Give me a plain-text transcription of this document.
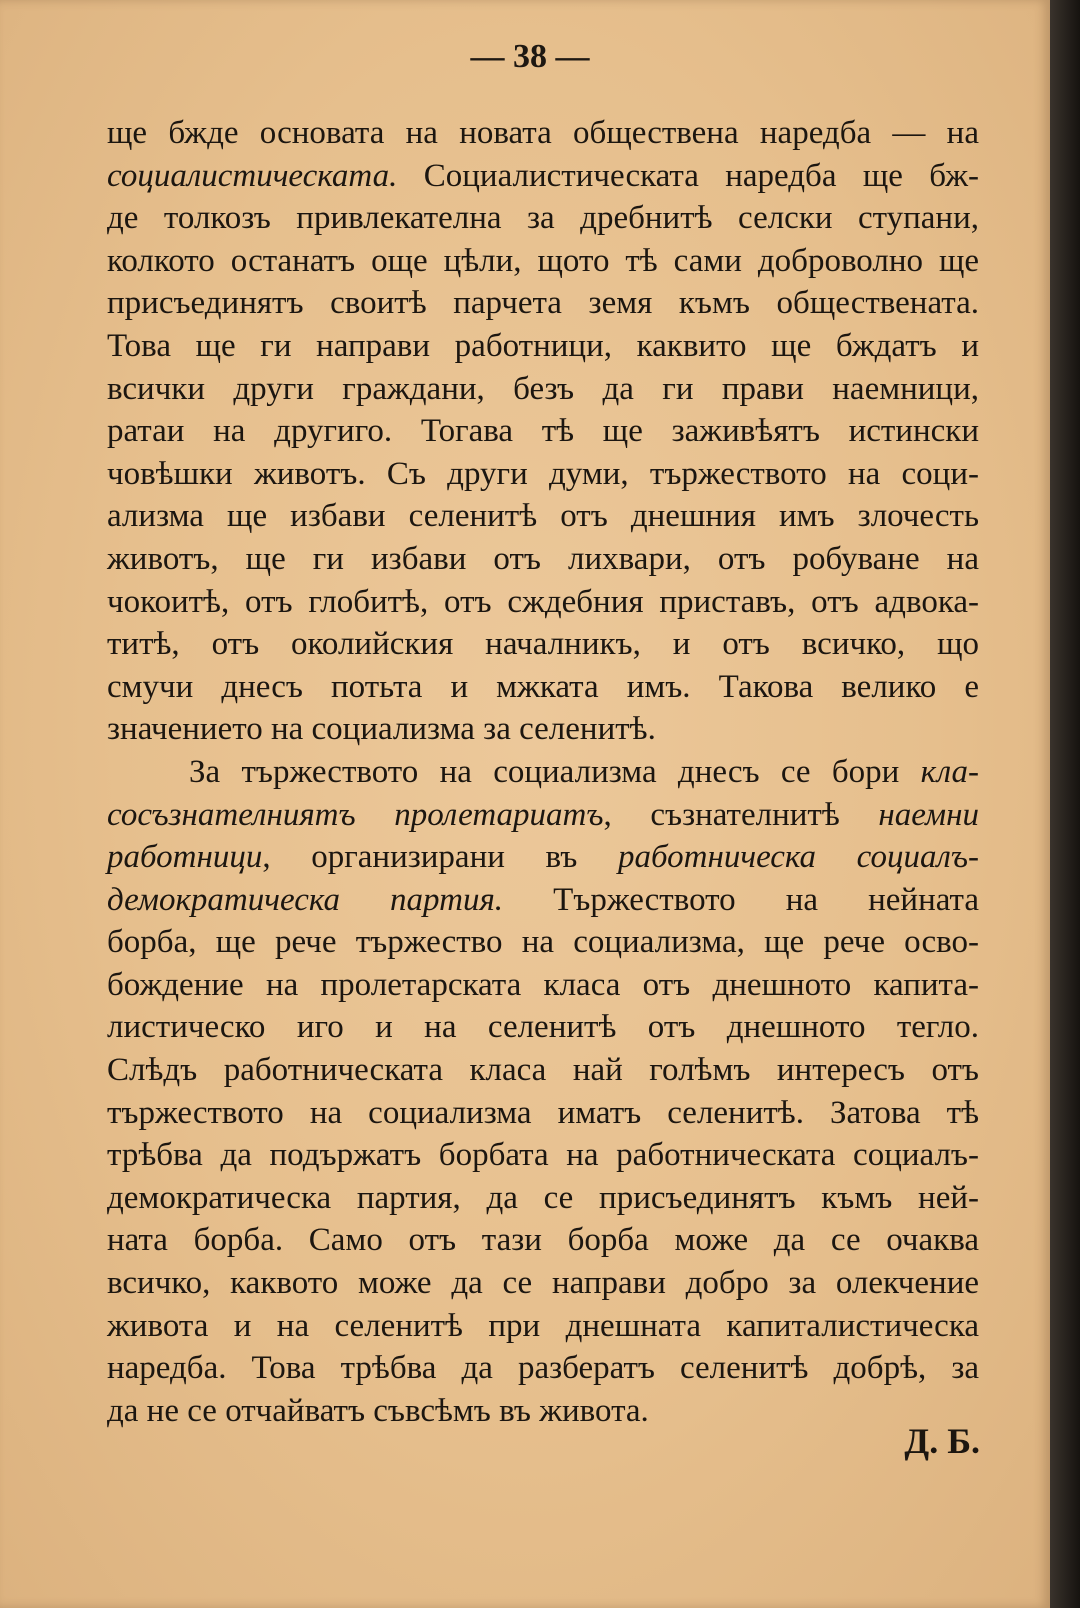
— 38 —
ще бжде основата на новата обществена наредба — на
социалистическата. Социалистическата наредба ще бж-
де толкозъ привлекателна за дребнитѣ селски ступани,
колкото останатъ още цѣли, щото тѣ сами доброволно ще
присъединятъ своитѣ парчета земя къмъ обществената.
Това ще ги направи работници, каквито ще бждатъ и
всички други граждани, безъ да ги прави наемници,
ратаи на другиго. Тогава тѣ ще заживѣятъ истински
човѣшки животъ. Съ други думи, тържеството на соци-
ализма ще избави селенитѣ отъ днешния имъ злочесть
животъ, ще ги избави отъ лихвари, отъ робуване на
чокоитѣ, отъ глобитѣ, отъ сждебния приставъ, отъ адвока-
титѣ, отъ околийския началникъ, и отъ всичко, що
смучи днесъ потьта и мжката имъ. Такова велико е
значението на социализма за селенитѣ.
За тържеството на социализма днесъ се бори кла-
сосъзнателниятъ пролетариатъ, съзнателнитѣ наемни
работници, организирани въ работническа социалъ-
демократическа партия. Тържеството на нейната
борба, ще рече тържество на социализма, ще рече осво-
бождение на пролетарската класа отъ днешното капита-
листическо иго и на селенитѣ отъ днешното тегло.
Слѣдъ работническата класа най голѣмъ интересъ отъ
тържеството на социализма иматъ селенитѣ. Затова тѣ
трѣбва да подържатъ борбата на работническата социалъ-
демократическа партия, да се присъединятъ къмъ ней-
ната борба. Само отъ тази борба може да се очаква
всичко, каквото може да се направи добро за олекчение
живота и на селенитѣ при днешната капиталистическа
наредба. Това трѣбва да разбератъ селенитѣ добрѣ, за
да не се отчайватъ съвсѣмъ въ живота.
Д. Б.
